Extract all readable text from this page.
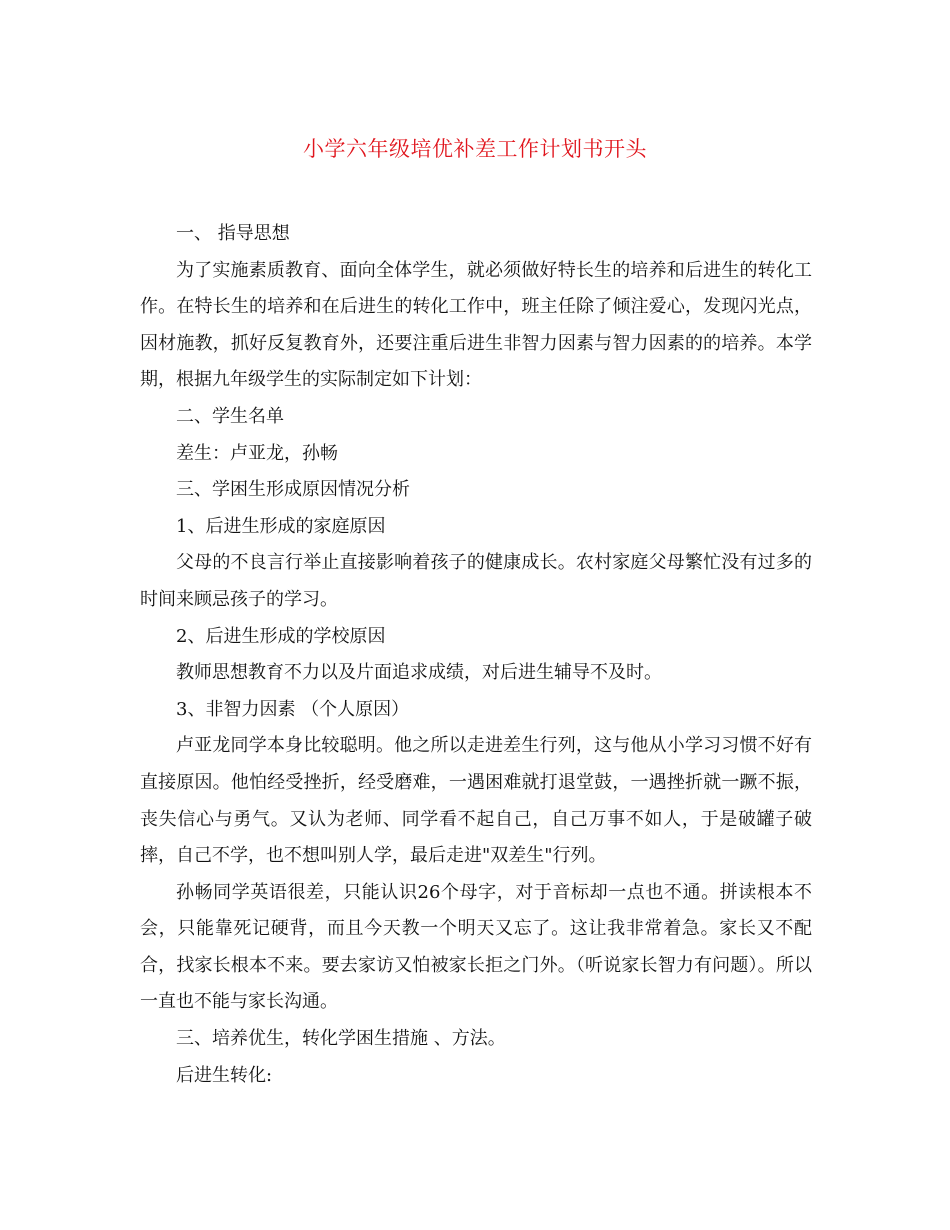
小学六年级培优补差工作计划书开头

一、 指导思想

为了实施素质教育、面向全体学生，就必须做好特长生的培养和后进生的转化工作。在特长生的培养和在后进生的转化工作中，班主任除了倾注爱心，发现闪光点，因材施教，抓好反复教育外，还要注重后进生非智力因素与智力因素的的培养。本学期，根据九年级学生的实际制定如下计划：

二、学生名单

差生：卢亚龙，孙畅

三、学困生形成原因情况分析

1、后进生形成的家庭原因

父母的不良言行举止直接影响着孩子的健康成长。农村家庭父母繁忙没有过多的时间来顾忌孩子的学习。

2、后进生形成的学校原因

教师思想教育不力以及片面追求成绩，对后进生辅导不及时。

3、非智力因素 （个人原因）

卢亚龙同学本身比较聪明。他之所以走进差生行列，这与他从小学习习惯不好有直接原因。他怕经受挫折，经受磨难，一遇困难就打退堂鼓，一遇挫折就一蹶不振，丧失信心与勇气。又认为老师、同学看不起自己，自己万事不如人，于是破罐子破摔，自己不学，也不想叫别人学，最后走进"双差生"行列。

孙畅同学英语很差，只能认识26个母字，对于音标却一点也不通。拼读根本不会，只能靠死记硬背，而且今天教一个明天又忘了。这让我非常着急。家长又不配合，找家长根本不来。要去家访又怕被家长拒之门外。（听说家长智力有问题）。所以一直也不能与家长沟通。

三、培养优生，转化学困生措施 、方法。

后进生转化:
